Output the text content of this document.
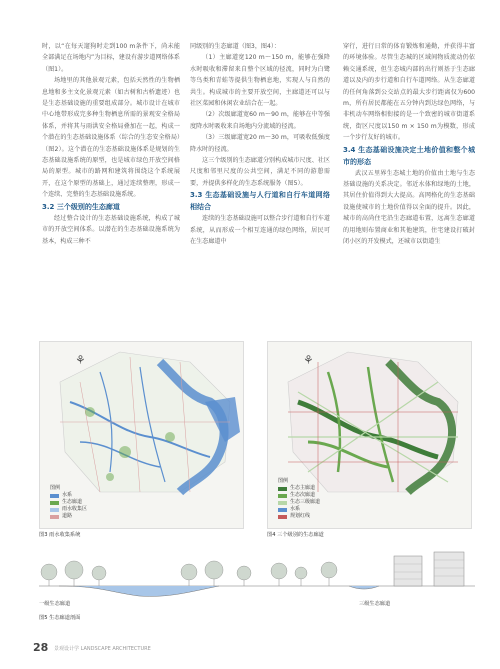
时，以“在每天遛狗时走到100 m条件下，尚未能全部满足在场地内”为目标，建设有游步道网络体系（图1）。

场地里的其他景观元素，包括天然性的生物栖息地和多主文化景观元素（如古树和古桥遗迹）也是生态基础设施的重要组成部分。城市设计在城市中心地带形成完多种生物栖息所需的景观安全格局体系，并将其与雨洪安全格局叠加在一起，构成一个潜在的生态基础设施体系（综合的生态安全格局）（图2）。这个潜在的生态基础设施体系是规划的生态基础设施系统的原型，也是城市绿色开放空间格局的原型。城市的路网和建筑将围绕这个系统展开，在这个原型的基础上，通过连续整理，形成一个连续、完整的生态基础设施系统。

3.2 三个级别的生态廊道

经过整合设计的生态基础设施系统，构成了城市的开放空间体系。以潜在的生态基础设施系统为基本，构成三种不

同级别的生态廊道（图3，图4）：

（1）主廊道宽120 m～150 m，能够在强降水时吸收和滞留来自整个区域的径流，同时为白鹭等鸟类和青蛙等提供生物栖息地，实现人与自然的共生。构成城市的主要开放空间，主廊道还可以与社区菜园和休闲农业结合在一起。

（2）次级廊道宽60 m～90 m，能够在中等强度降水时吸收来自场地内分流域的径流。

（3）三级廊道宽20 m～30 m，可吸收低强度降水时的径流。

这三个级别的生态廊道分别构成城市尺度、社区尺度和邻里尺度的公共空间，满足不同的游憩需要，并提供多样化的生态系统服务（图5）。

3.3 生态基础设施与人行道和自行车道网络相结合

连续的生态基础设施可以整合步行道和自行车道系统，从而形成一个相互连通的绿色网络，居民可在生态廊道中

穿行，进行日常的体育锻炼和通勤，并获得丰富的环境体验。尽管生态城的区域间物质流动仍依赖交通系统，但生态城内部的出行则基于生态廊道以及内的步行道和自行车道网络。从生态廊道的任何角落到公交站点的最大步行距离仅为600 m，所有居民都能在五分钟内到达绿色网络，与非机动车网络相衔接的是一个致密的城市街道系统，街区尺度以150 m × 150 m为模数，形成一个步行友好的城市。

3.4 生态基础设施决定土地价值和整个城市的形态

武汉五里界生态城土地的价值由土地与生态基础设施的关系决定。邻近水体和绿地的土地，其居住价值得到大大提高。高网格化的生态基础设施使城市的土地价值得以全面的提升。因此，城市的高尚住宅沿生态廊道布置，远离生态廊道的用地则布置商业和其他建筑，住宅建设打破封闭小区的开发模式，还城市以街道生

⚘
图例
水系
生态廊道
雨水收集区
道路
图3 雨水收集系统
⚘
图例
生态主廊道
生态次廊道
生态三级廊道
水系
规划红线
图4 三个级别的生态廊道
一级生态廊道	三级生态廊道
图5 生态廊道剖面
28 景观设计学 LANDSCAPE ARCHITECTURE
